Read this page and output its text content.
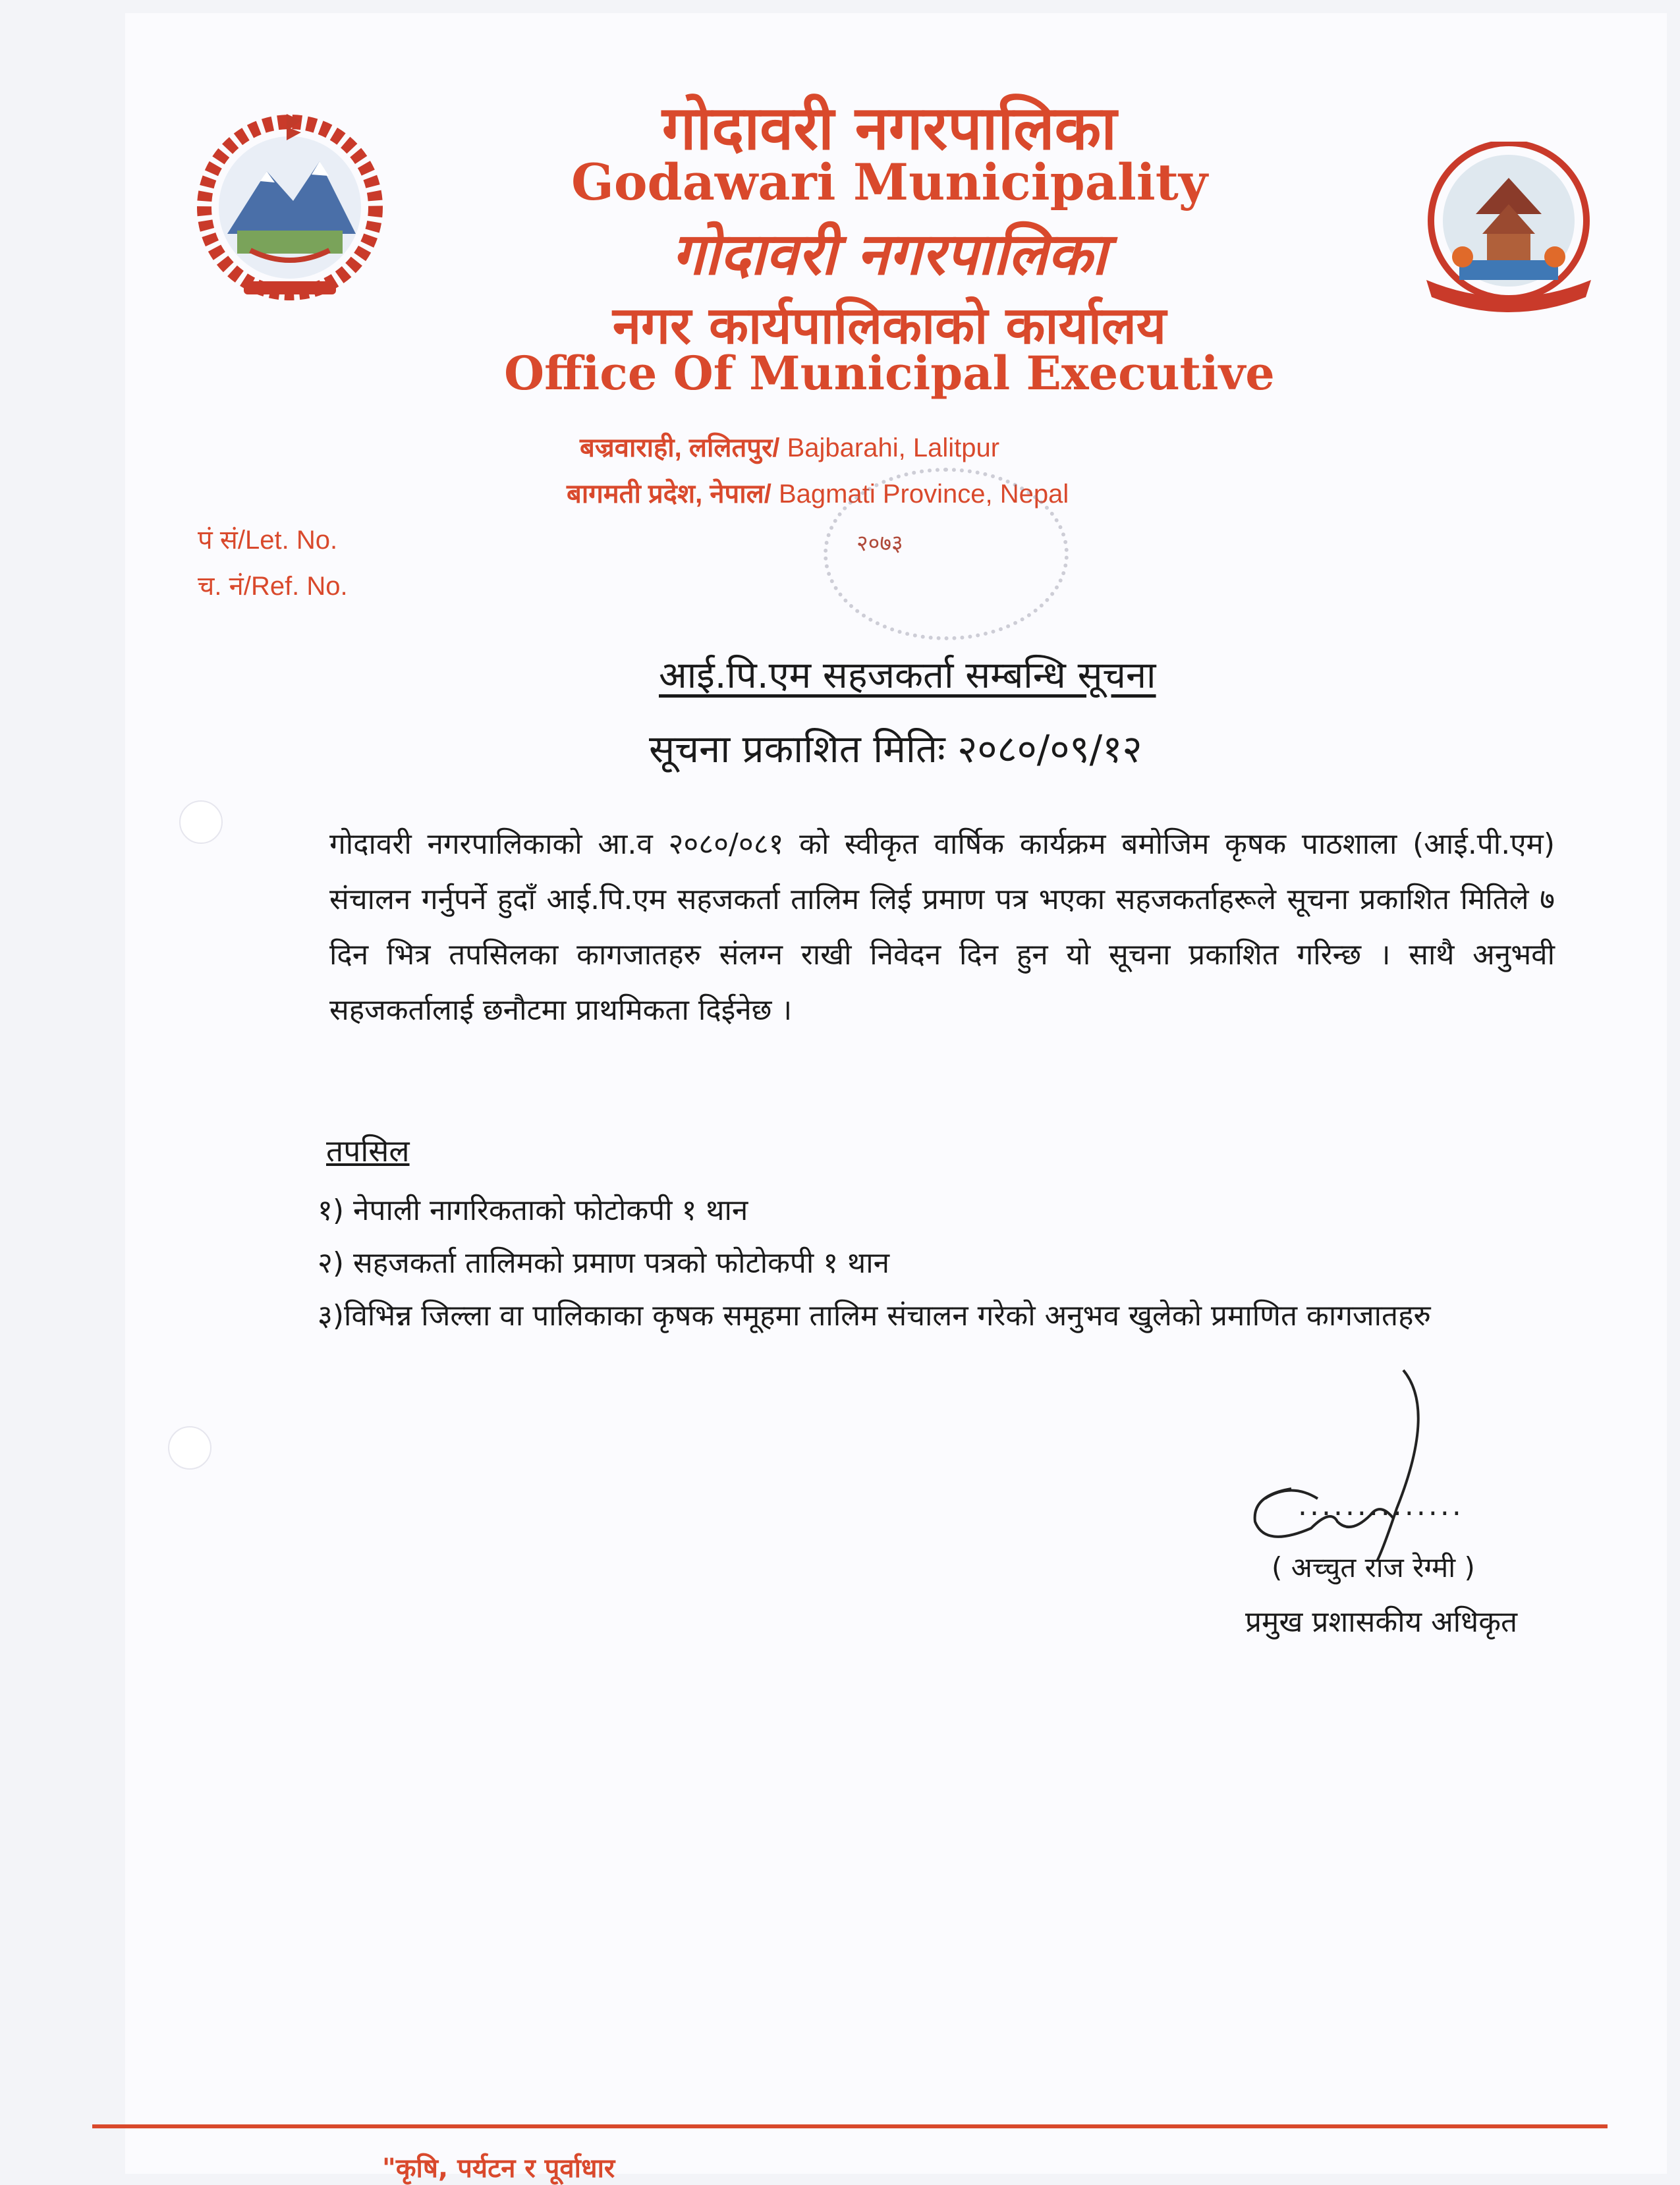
गोदावरी नगरपालिका
Godawari Municipality
गोदावरी नगरपालिका
नगर कार्यपालिकाको कार्यालय
Office Of Municipal Executive
बज्रवाराही, ललितपुर/ Bajbarahi, Lalitpur
बागमती प्रदेश, नेपाल/ Bagmati Province, Nepal
२०७३
पं सं/Let. No.
च. नं/Ref. No.
आई.पि.एम सहजकर्ता सम्बन्धि सूचना
सूचना प्रकाशित मितिः २०८०/०९/१२
गोदावरी नगरपालिकाको आ.व २०८०/०८१ को स्वीकृत वार्षिक कार्यक्रम बमोजिम कृषक पाठशाला (आई.पी.एम) संचालन गर्नुपर्ने हुदाँ आई.पि.एम सहजकर्ता तालिम लिई प्रमाण पत्र भएका सहजकर्ताहरूले सूचना प्रकाशित मितिले ७ दिन भित्र तपसिलका कागजातहरु संलग्न राखी निवेदन दिन हुन यो सूचना प्रकाशित गरिन्छ । साथै अनुभवी सहजकर्तालाई छनौटमा प्राथमिकता दिईनेछ ।
तपसिल
१) नेपाली नागरिकताको फोटोकपी १ थान
२) सहजकर्ता तालिमको प्रमाण पत्रको फोटोकपी १ थान
३)विभिन्न जिल्ला वा पालिकाका कृषक समूहमा तालिम संचालन गरेको अनुभव खुलेको प्रमाणित कागजातहरु
..............
( अच्चुत राज रेग्मी )
प्रमुख प्रशासकीय अधिकृत
"कृषि, पर्यटन र पूर्वाधार
